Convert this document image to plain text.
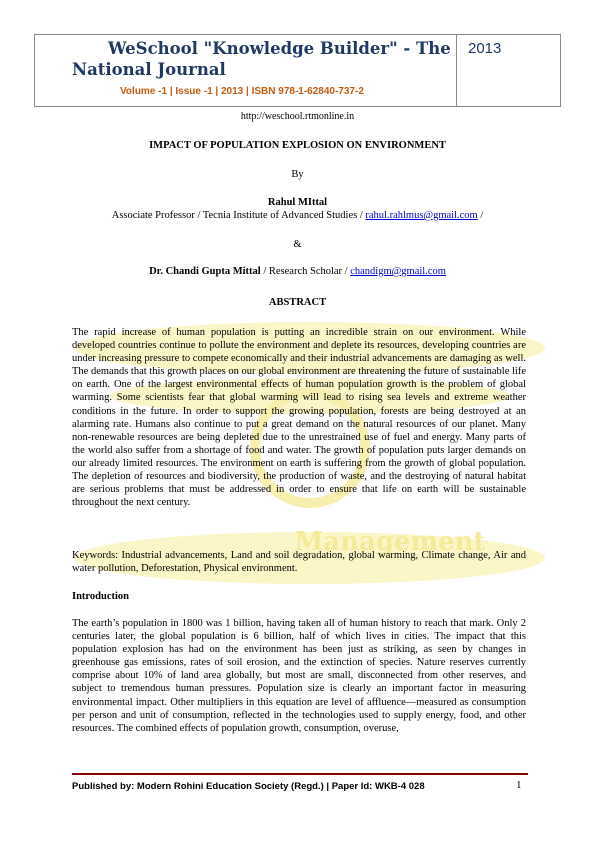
WeSchool "Knowledge Builder" - The
National Journal
Volume -1 | Issue -1 | 2013 | ISBN 978-1-62840-737-2
2013
http://weschool.rtmonline.in
Management
IMPACT OF POPULATION EXPLOSION ON ENVIRONMENT
By
Rahul MIttal
Associate Professor / Tecnia Institute of Advanced Studies / rahul.rahlmus@gmail.com /
&
Dr. Chandi Gupta Mittal / Research Scholar / chandigm@gmail.com
ABSTRACT
The rapid increase of human population is putting an incredible strain on our environment. While developed countries continue to pollute the environment and deplete its resources, developing countries are under increasing pressure to compete economically and their industrial advancements are damaging as well. The demands that this growth places on our global environment are threatening the future of sustainable life on earth. One of the largest environmental effects of human population growth is the problem of global warming. Some scientists fear that global warming will lead to rising sea levels and extreme weather conditions in the future. In order to support the growing population, forests are being destroyed at an alarming rate. Humans also continue to put a great demand on the natural resources of our planet. Many non-renewable resources are being depleted due to the unrestrained use of fuel and energy. Many parts of the world also suffer from a shortage of food and water. The growth of population puts larger demands on our already limited resources. The environment on earth is suffering from the growth of global population. The depletion of resources and biodiversity, the production of waste, and the destroying of natural habitat are serious problems that must be addressed in order to ensure that life on earth will be sustainable throughout the next century.
Keywords: Industrial advancements, Land and soil degradation, global warming, Climate change, Air and water pollution, Deforestation, Physical environment.
Introduction
The earth’s population in 1800 was 1 billion, having taken all of human history to reach that mark. Only 2 centuries later, the global population is 6 billion, half of which lives in cities. The impact that this population explosion has had on the environment has been just as striking, as seen by changes in greenhouse gas emissions, rates of soil erosion, and the extinction of species. Nature reserves currently comprise about 10% of land area globally, but most are small, disconnected from other reserves, and subject to tremendous human pressures. Population size is clearly an important factor in measuring environmental impact. Other multipliers in this equation are level of affluence—measured as consumption per person and unit of consumption, reflected in the technologies used to supply energy, food, and other resources. The combined effects of population growth, consumption, overuse,
Published by: Modern Rohini Education Society (Regd.) | Paper Id: WKB-4 028	1
